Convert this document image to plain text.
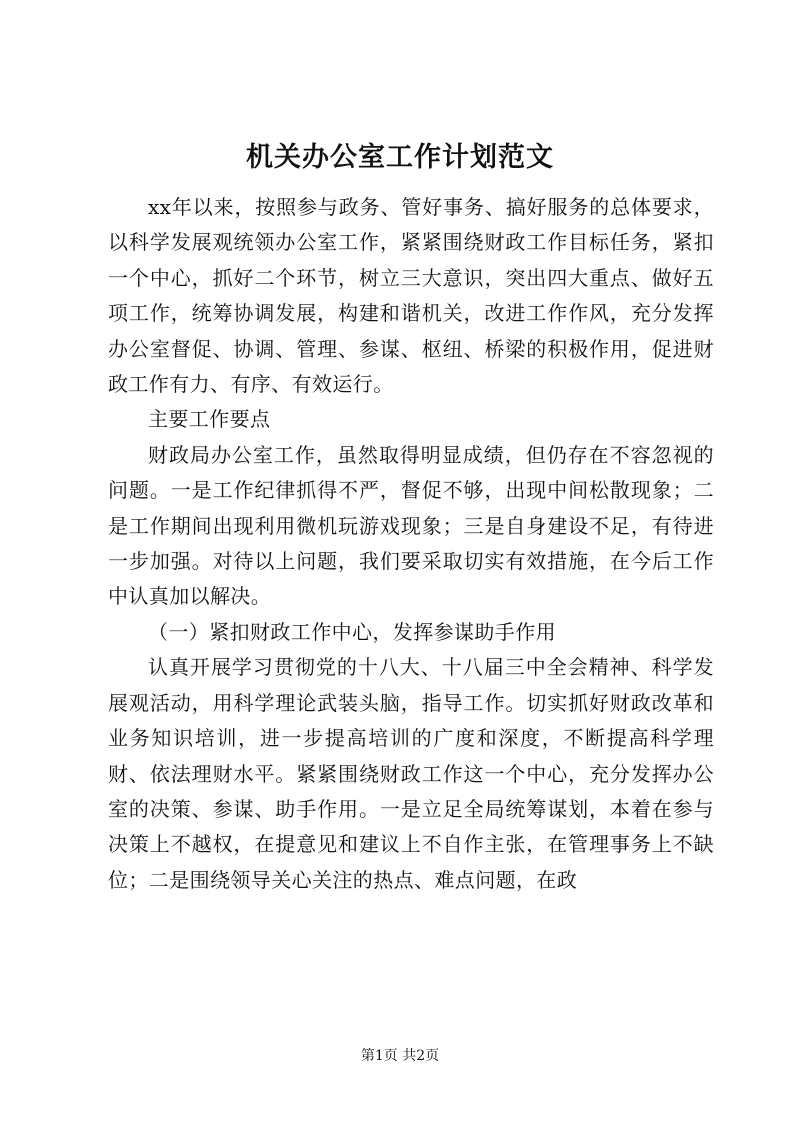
机关办公室工作计划范文

xx年以来，按照参与政务、管好事务、搞好服务的总体要求，以科学发展观统领办公室工作，紧紧围绕财政工作目标任务，紧扣一个中心，抓好二个环节，树立三大意识，突出四大重点、做好五项工作，统筹协调发展，构建和谐机关，改进工作作风，充分发挥办公室督促、协调、管理、参谋、枢纽、桥梁的积极作用，促进财政工作有力、有序、有效运行。

主要工作要点

财政局办公室工作，虽然取得明显成绩，但仍存在不容忽视的问题。一是工作纪律抓得不严，督促不够，出现中间松散现象；二是工作期间出现利用微机玩游戏现象；三是自身建设不足，有待进一步加强。对待以上问题，我们要采取切实有效措施，在今后工作中认真加以解决。

（一）紧扣财政工作中心，发挥参谋助手作用

认真开展学习贯彻党的十八大、十八届三中全会精神、科学发展观活动，用科学理论武装头脑，指导工作。切实抓好财政改革和业务知识培训，进一步提高培训的广度和深度，不断提高科学理财、依法理财水平。紧紧围绕财政工作这一个中心，充分发挥办公室的决策、参谋、助手作用。一是立足全局统筹谋划，本着在参与决策上不越权，在提意见和建议上不自作主张，在管理事务上不缺位；二是围绕领导关心关注的热点、难点问题，在政

第1页 共2页
